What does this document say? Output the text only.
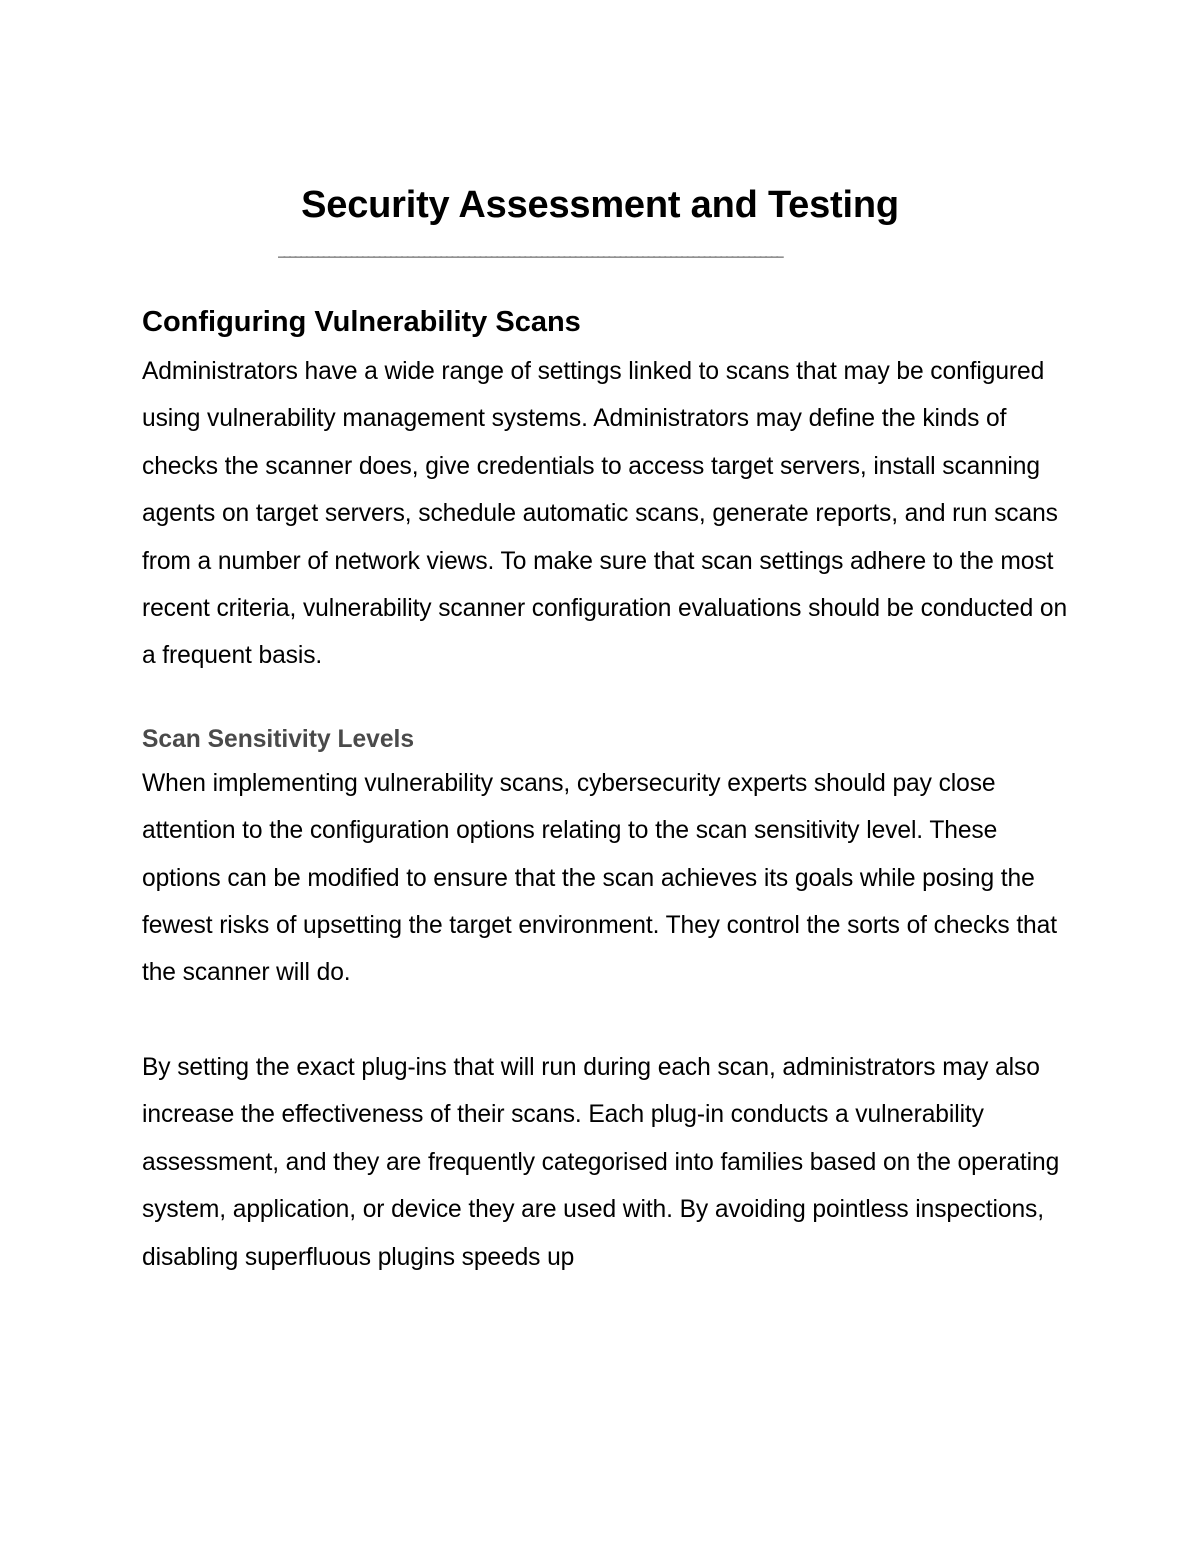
Security Assessment and Testing
——————————————————————————————————————————————————————————————————————————————————————————
Configuring Vulnerability Scans

Administrators have a wide range of settings linked to scans that may be configured using vulnerability management systems. Administrators may define the kinds of checks the scanner does, give credentials to access target servers, install scanning agents on target servers, schedule automatic scans, generate reports, and run scans from a number of network views. To make sure that scan settings adhere to the most recent criteria, vulnerability scanner configuration evaluations should be conducted on a frequent basis.

Scan Sensitivity Levels

When implementing vulnerability scans, cybersecurity experts should pay close attention to the configuration options relating to the scan sensitivity level. These options can be modified to ensure that the scan achieves its goals while posing the fewest risks of upsetting the target environment. They control the sorts of checks that the scanner will do.

By setting the exact plug-ins that will run during each scan, administrators may also increase the effectiveness of their scans. Each plug-in conducts a vulnerability assessment, and they are frequently categorised into families based on the operating system, application, or device they are used with. By avoiding pointless inspections, disabling superfluous plugins speeds up
